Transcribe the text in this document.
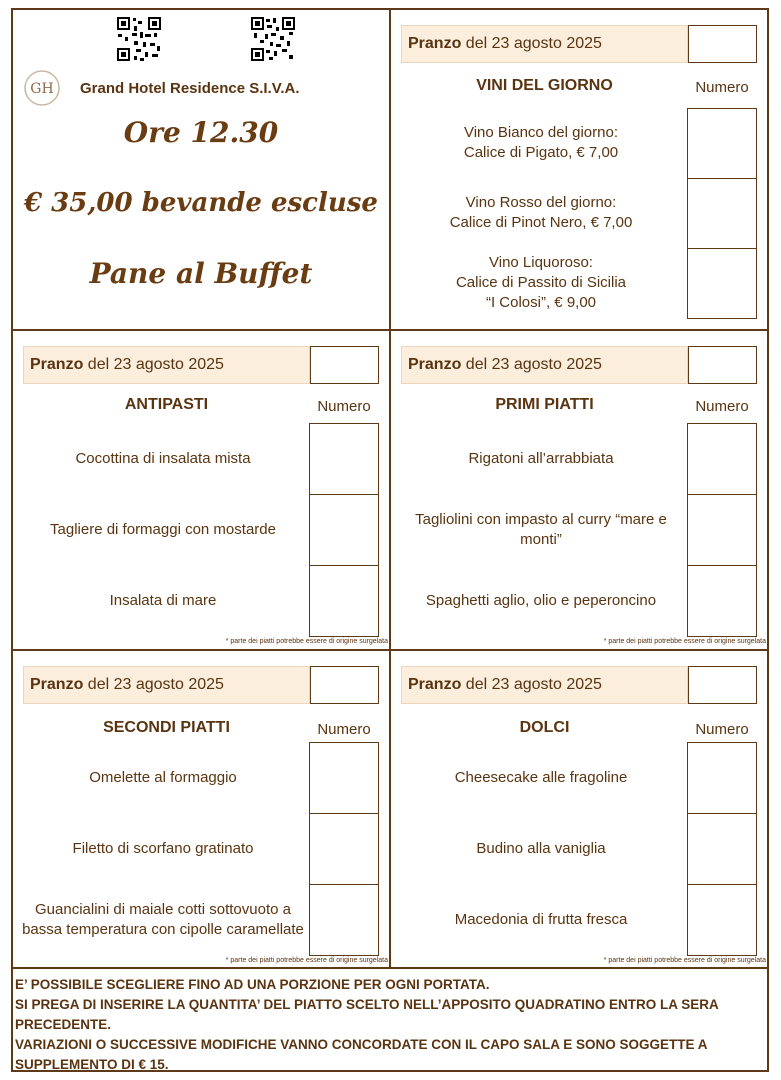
GH Grand Hotel Residence S.I.V.A.
Ore 12.30
€ 35,00 bevande escluse
Pane al Buffet
Pranzo del 23 agosto 2025
VINI DEL GIORNO	Numero
Vino Bianco del giorno:
Calice di Pigato, € 7,00
Vino Rosso del giorno:
Calice di Pinot Nero, € 7,00
Vino Liquoroso:
Calice di Passito di Sicilia
“I Colosi”, € 9,00
Pranzo del 23 agosto 2025
ANTIPASTI	Numero
Cocottina di insalata mista
Tagliere di formaggi con mostarde
Insalata di mare
* parte dei piatti potrebbe essere di origine surgelata
Pranzo del 23 agosto 2025
PRIMI PIATTI	Numero
Rigatoni all’arrabbiata
Tagliolini con impasto al curry “mare e monti”
Spaghetti aglio, olio e peperoncino
* parte dei piatti potrebbe essere di origine surgelata
Pranzo del 23 agosto 2025
SECONDI PIATTI	Numero
Omelette al formaggio
Filetto di scorfano gratinato
Guancialini di maiale cotti sottovuoto a bassa temperatura con cipolle caramellate
* parte dei piatti potrebbe essere di origine surgelata
Pranzo del 23 agosto 2025
DOLCI	Numero
Cheesecake alle fragoline
Budino alla vaniglia
Macedonia di frutta fresca
* parte dei piatti potrebbe essere di origine surgelata
E’ POSSIBILE SCEGLIERE FINO AD UNA PORZIONE PER OGNI PORTATA.
SI PREGA DI INSERIRE LA QUANTITA’ DEL PIATTO SCELTO NELL’APPOSITO QUADRATINO ENTRO LA SERA PRECEDENTE.
VARIAZIONI O SUCCESSIVE MODIFICHE VANNO CONCORDATE CON IL CAPO SALA E SONO SOGGETTE A SUPPLEMENTO DI € 15.
